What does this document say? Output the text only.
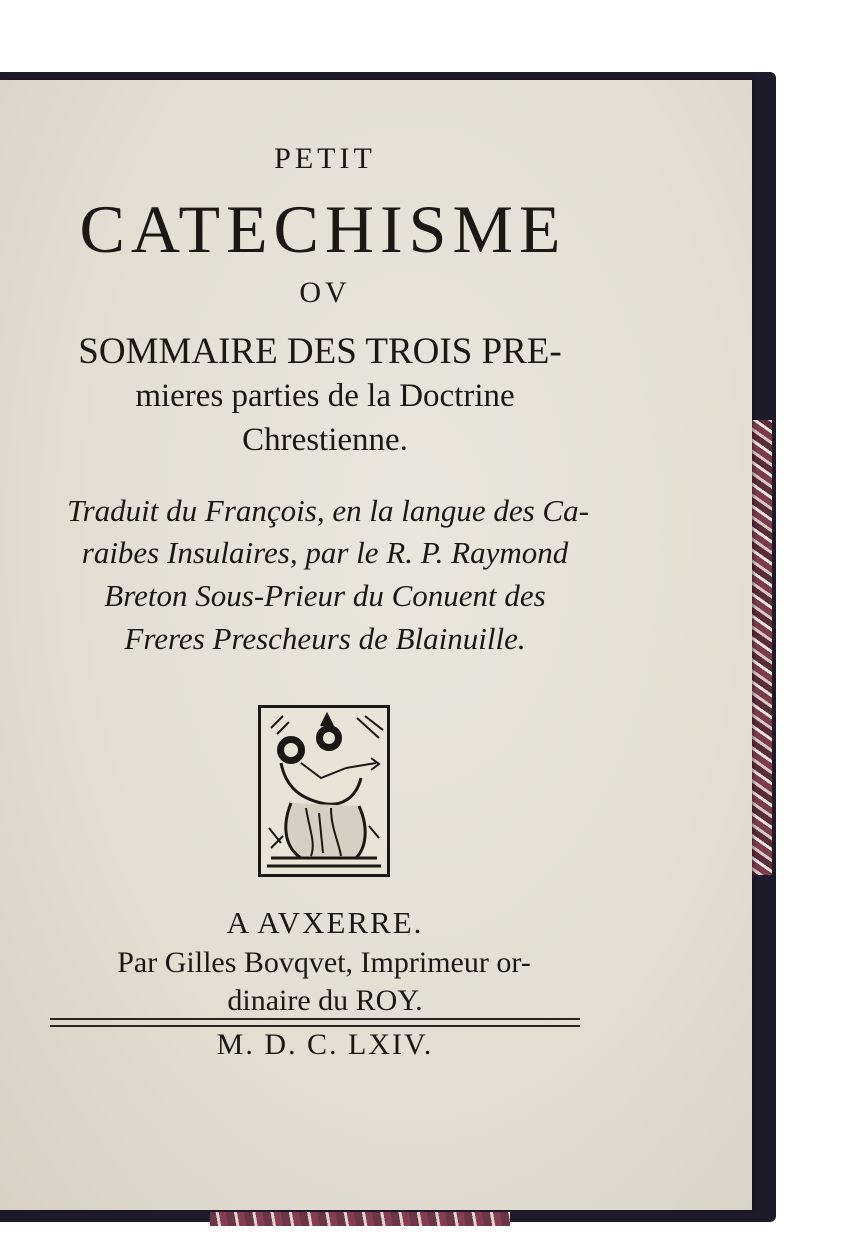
PETIT
CATECHISME
OV
SOMMAIRE DES TROIS PRE-
mieres parties de la Doctrine
Chrestienne.
Traduit du François, en la langue des Ca-
raibes Insulaires, par le R. P. Raymond
Breton Sous-Prieur du Conuent des
Freres Prescheurs de Blainuille.
A AVXERRE.
Par Gilles Bovqvet, Imprimeur or-
dinaire du ROY.
M. D. C. LXIV.
